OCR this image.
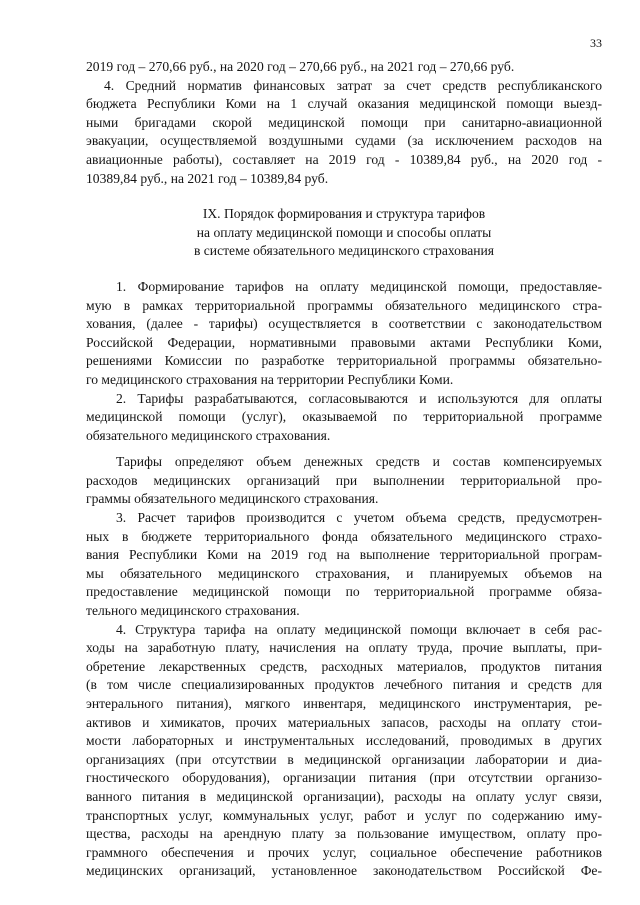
33
2019 год – 270,66 руб., на 2020 год – 270,66 руб., на 2021 год – 270,66 руб.
4. Средний норматив финансовых затрат за счет средств республиканского
бюджета Республики Коми на 1 случай оказания медицинской помощи выезд-
ными бригадами скорой медицинской помощи при санитарно-авиационной
эвакуации, осуществляемой воздушными судами (за исключением расходов на
авиационные работы), составляет на 2019 год - 10389,84 руб., на 2020 год -
10389,84 руб., на 2021 год – 10389,84 руб.
IX. Порядок формирования и структура тарифов
на оплату медицинской помощи и способы оплаты
в системе обязательного медицинского страхования
1. Формирование тарифов на оплату медицинской помощи, предоставляе-
мую в рамках территориальной программы обязательного медицинского стра-
хования, (далее - тарифы) осуществляется в соответствии с законодательством
Российской Федерации, нормативными правовыми актами Республики Коми,
решениями Комиссии по разработке территориальной программы обязательно-
го медицинского страхования на территории Республики Коми.
2. Тарифы разрабатываются, согласовываются и используются для оплаты
медицинской помощи (услуг), оказываемой по территориальной программе
обязательного медицинского страхования.
Тарифы определяют объем денежных средств и состав компенсируемых
расходов медицинских организаций при выполнении территориальной про-
граммы обязательного медицинского страхования.
3. Расчет тарифов производится с учетом объема средств, предусмотрен-
ных в бюджете территориального фонда обязательного медицинского страхо-
вания Республики Коми на 2019 год на выполнение территориальной програм-
мы обязательного медицинского страхования, и планируемых объемов на
предоставление медицинской помощи по территориальной программе обяза-
тельного медицинского страхования.
4. Структура тарифа на оплату медицинской помощи включает в себя рас-
ходы на заработную плату, начисления на оплату труда, прочие выплаты, при-
обретение лекарственных средств, расходных материалов, продуктов питания
(в том числе специализированных продуктов лечебного питания и средств для
энтерального питания), мягкого инвентаря, медицинского инструментария, ре-
активов и химикатов, прочих материальных запасов, расходы на оплату стои-
мости лабораторных и инструментальных исследований, проводимых в других
организациях (при отсутствии в медицинской организации лаборатории и диа-
гностического оборудования), организации питания (при отсутствии организо-
ванного питания в медицинской организации), расходы на оплату услуг связи,
транспортных услуг, коммунальных услуг, работ и услуг по содержанию иму-
щества, расходы на арендную плату за пользование имуществом, оплату про-
граммного обеспечения и прочих услуг, социальное обеспечение работников
медицинских организаций, установленное законодательством Российской Фе-
